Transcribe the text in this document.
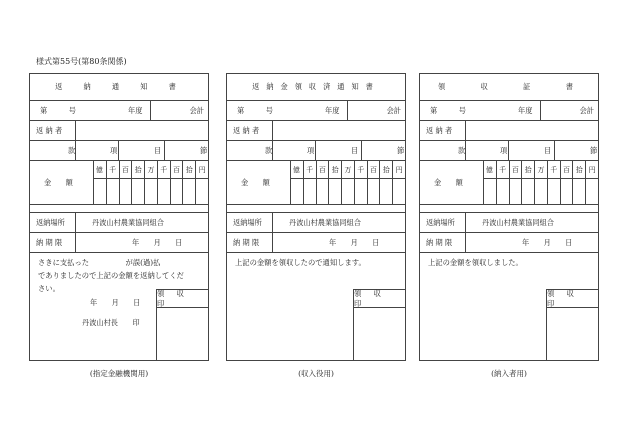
様式第55号(第80条関係)
返　納　通　知　書
第　　　号	年度	会計
返 納 者
款	項	目	節
金　　額
億 千 百 拾 万 千 百 拾 円
返納場所	丹波山村農業協同組合
納 期 限	年　　月　　日
さきに支払った　　　　　が誤(過)払
でありましたので上記の金額を返納してくだ
さい。
年　　月　　日
丹波山村長　　印
領 収 印
(指定金融機関用)
返納金領収済通知書
第　　　号	年度	会計
返 納 者
款	項	目	節
金　　額
億 千 百 拾 万 千 百 拾 円
返納場所	丹波山村農業協同組合
納 期 限	年　　月　　日
上記の金額を領収したので通知します。
領 収 印
(収入役用)
領　　収　　証　　書
第　　　号	年度	会計
返 納 者
款	項	目	節
金　　額
億 千 百 拾 万 千 百 拾 円
返納場所	丹波山村農業協同組合
納 期 限	年　　月　　日
上記の金額を領収しました。
領 収 印
(納入者用)
